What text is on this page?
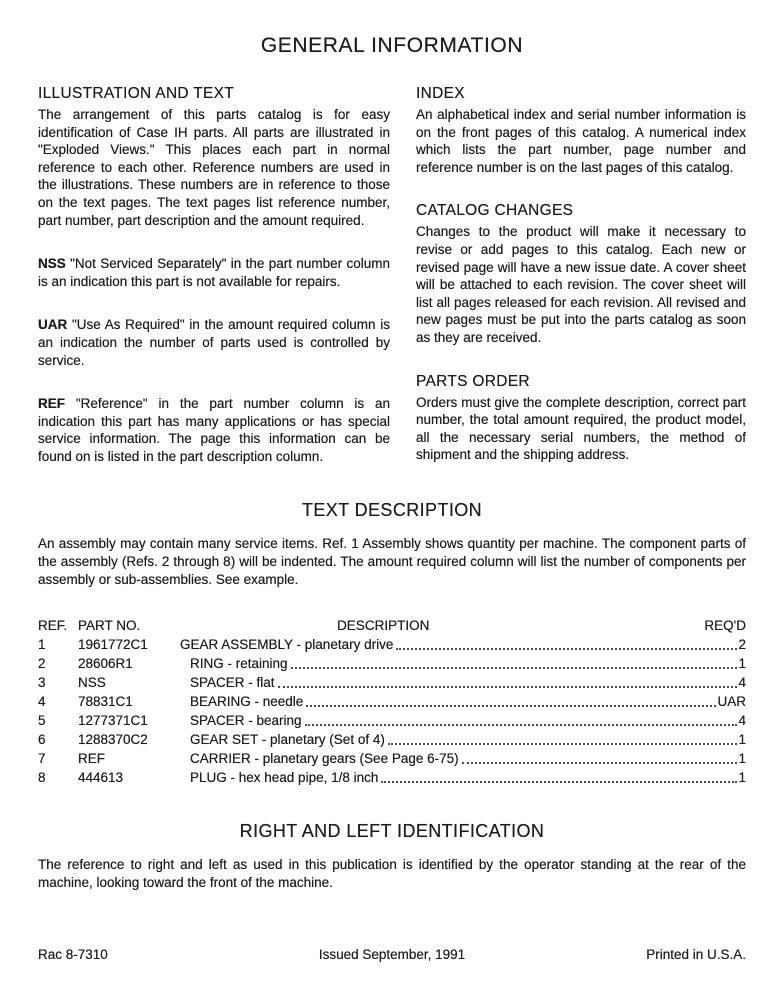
GENERAL INFORMATION
ILLUSTRATION AND TEXT

The arrangement of this parts catalog is for easy identification of Case IH parts. All parts are illustrated in "Exploded Views." This places each part in normal reference to each other. Reference numbers are used in the illustrations. These numbers are in reference to those on the text pages. The text pages list reference number, part number, part description and the amount required.

NSS "Not Serviced Separately" in the part number column is an indication this part is not available for repairs.

UAR "Use As Required" in the amount required column is an indication the number of parts used is controlled by service.

REF "Reference" in the part number column is an indication this part has many applications or has special service information. The page this information can be found on is listed in the part description column.

INDEX

An alphabetical index and serial number information is on the front pages of this catalog. A numerical index which lists the part number, page number and reference number is on the last pages of this catalog.

CATALOG CHANGES

Changes to the product will make it necessary to revise or add pages to this catalog. Each new or revised page will have a new issue date. A cover sheet will be attached to each revision. The cover sheet will list all pages released for each revision. All revised and new pages must be put into the parts catalog as soon as they are received.

PARTS ORDER

Orders must give the complete description, correct part number, the total amount required, the product model, all the necessary serial numbers, the method of shipment and the shipping address.

TEXT DESCRIPTION

An assembly may contain many service items. Ref. 1 Assembly shows quantity per machine. The component parts of the assembly (Refs. 2 through 8) will be indented. The amount required column will list the number of components per assembly or sub-assemblies. See example.

REF. PART NO.	DESCRIPTION	REQ'D
1	1961772C1	GEAR ASSEMBLY - planetary drive	2
2	28606R1	RING - retaining	1
3	NSS	SPACER - flat	4
4	78831C1	BEARING - needle	UAR
5	1277371C1	SPACER - bearing	4
6	1288370C2	GEAR SET - planetary (Set of 4)	1
7	REF	CARRIER - planetary gears (See Page 6-75)	1
8	444613	PLUG - hex head pipe, 1/8 inch	1
RIGHT AND LEFT IDENTIFICATION

The reference to right and left as used in this publication is identified by the operator standing at the rear of the machine, looking toward the front of the machine.

Rac 8-7310	Issued September, 1991	Printed in U.S.A.
